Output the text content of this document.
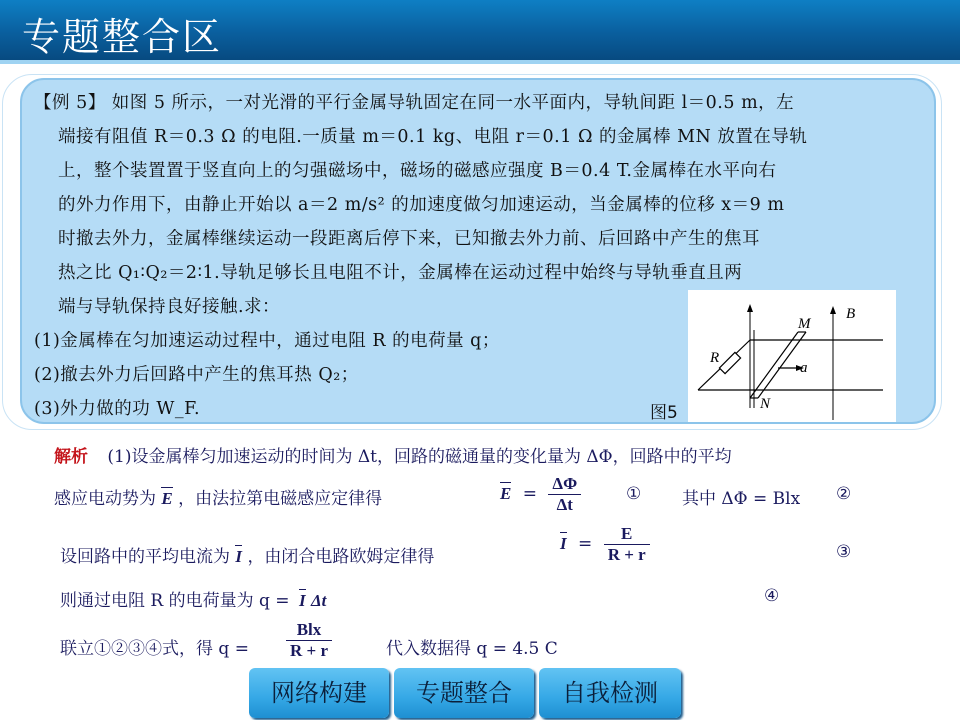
专题整合区
【例 5】 如图 5 所示，一对光滑的平行金属导轨固定在同一水平面内，导轨间距 l＝0.5 m，左
端接有阻值 R＝0.3 Ω 的电阻.一质量 m＝0.1 kg、电阻 r＝0.1 Ω 的金属棒 MN 放置在导轨
上，整个装置置于竖直向上的匀强磁场中，磁场的磁感应强度 B＝0.4 T.金属棒在水平向右
的外力作用下，由静止开始以 a＝2 m/s² 的加速度做匀加速运动，当金属棒的位移 x＝9 m
时撤去外力，金属棒继续运动一段距离后停下来，已知撤去外力前、后回路中产生的焦耳
热之比 Q₁∶Q₂＝2∶1.导轨足够长且电阻不计，金属棒在运动过程中始终与导轨垂直且两
端与导轨保持良好接触.求：
(1)金属棒在匀加速运动过程中，通过电阻 R 的电荷量 q；
(2)撤去外力后回路中产生的焦耳热 Q₂；
(3)外力做的功 W_F.
M
N
R
B
a
图5
解析 (1)设金属棒匀加速运动的时间为 Δt，回路的磁通量的变化量为 ΔΦ，回路中的平均
感应电动势为 E ，由法拉第电磁感应定律得	$E = \frac{\Delta\Phi}{\Delta t}$	① 其中 ΔΦ = Blx ②
设回路中的平均电流为 I ，由闭合电路欧姆定律得
$I = \frac{E}{R + r}$	③
则通过电阻 R 的电荷量为 q = I Δt	④
联立①②③④式，得 $q = \frac{\text{Blx}}{R + r}$	代入数据得 q = 4.5 C
网络构建	专题整合	自我检测
